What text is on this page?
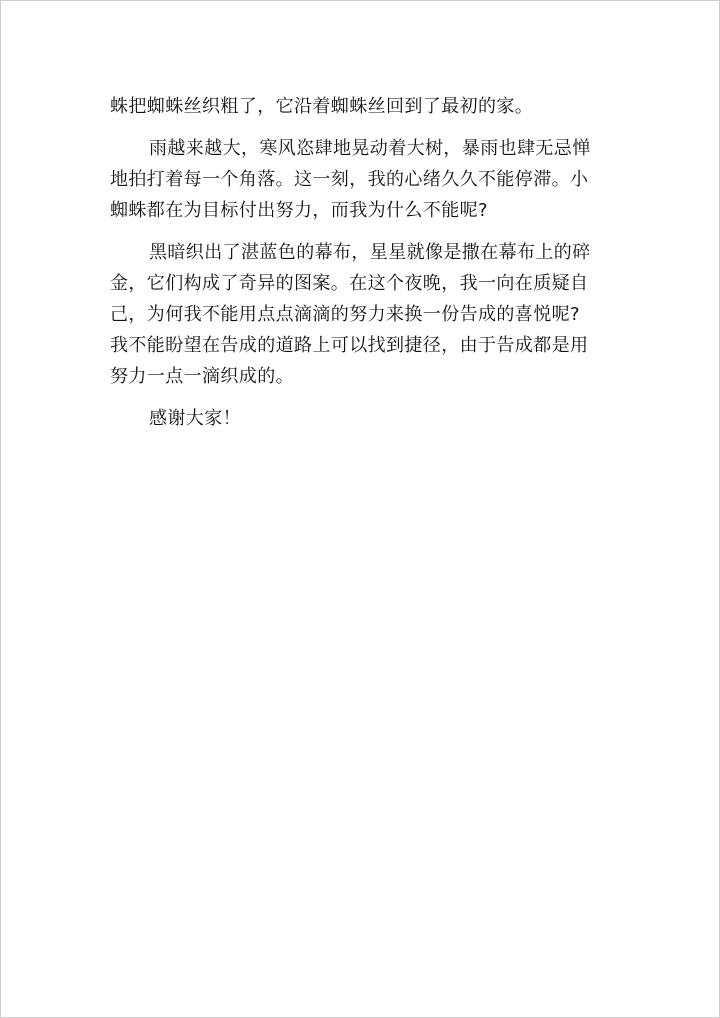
蛛把蜘蛛丝织粗了，它沿着蜘蛛丝回到了最初的家。
雨越来越大，寒风恣肆地晃动着大树，暴雨也肆无忌惮
地拍打着每一个角落。这一刻，我的心绪久久不能停滞。小
蜘蛛都在为目标付出努力，而我为什么不能呢?
黑暗织出了湛蓝色的幕布，星星就像是撒在幕布上的碎
金，它们构成了奇异的图案。在这个夜晚，我一向在质疑自
己，为何我不能用点点滴滴的努力来换一份告成的喜悦呢?
我不能盼望在告成的道路上可以找到捷径，由于告成都是用
努力一点一滴织成的。
感谢大家！
